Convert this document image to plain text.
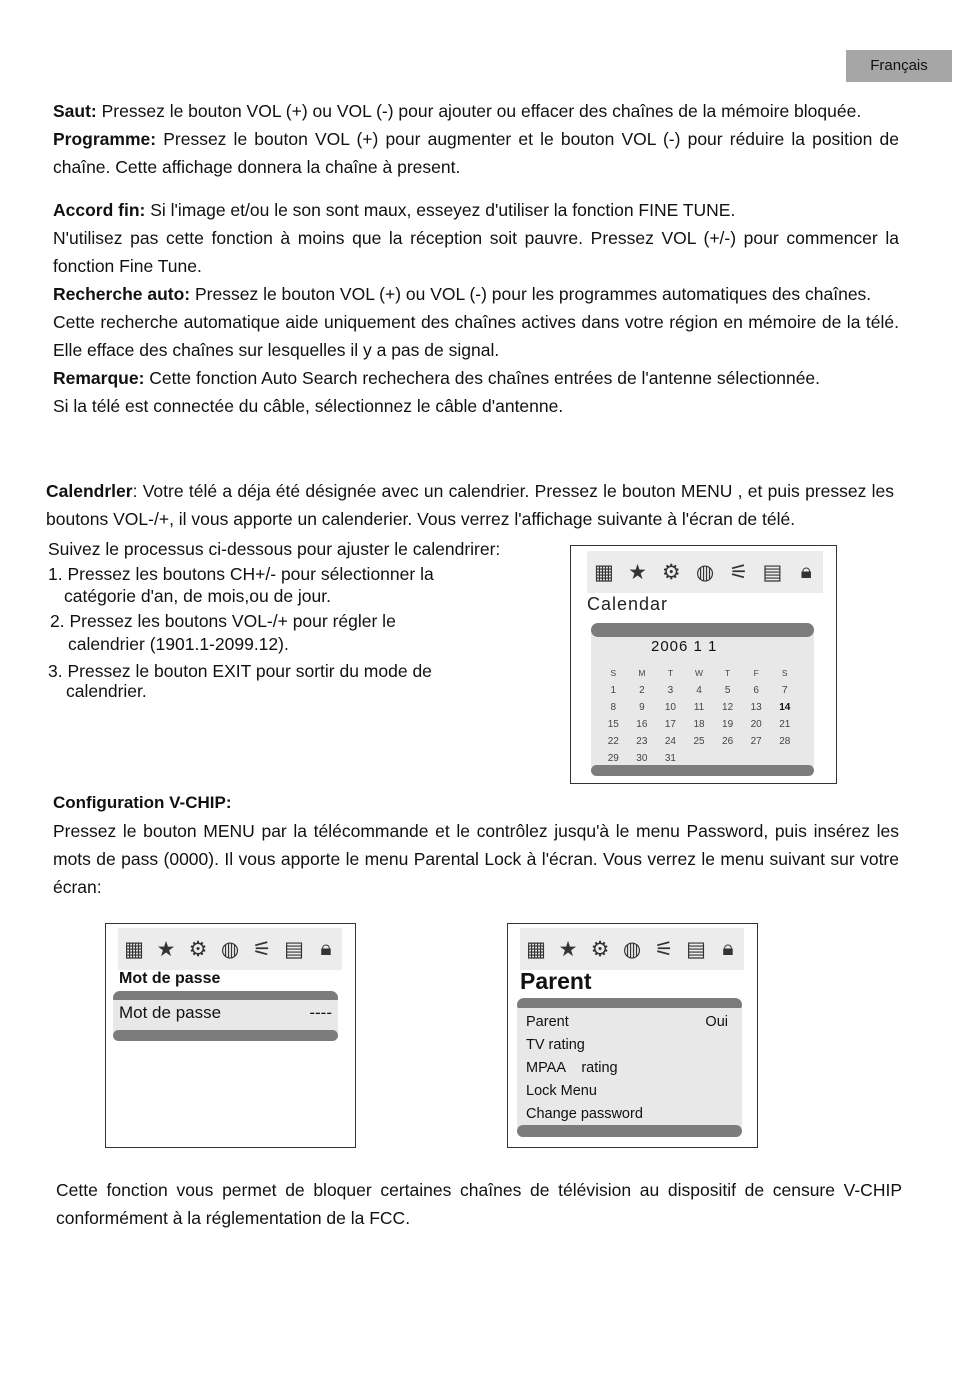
Français

Saut: Pressez le bouton VOL (+) ou VOL (-) pour ajouter ou effacer des chaînes de la mémoire bloquée.

Programme: Pressez le bouton VOL (+) pour augmenter et le bouton VOL (-) pour réduire la position de chaîne. Cette affichage donnera la chaîne à present.

Accord fin: Si l'image et/ou le son sont maux, esseyez d'utiliser la fonction FINE TUNE.

N'utilisez pas cette fonction à moins que la réception soit pauvre. Pressez VOL (+/-) pour commencer la fonction Fine Tune.

Recherche auto: Pressez le bouton VOL (+) ou VOL (-) pour les programmes automatiques des chaînes.

Cette recherche automatique aide uniquement des chaînes actives dans votre région en mémoire de la télé. Elle efface des chaînes sur lesquelles il y a pas de signal.

Remarque: Cette fonction Auto Search rechechera des chaînes entrées de l'antenne sélectionnée.

Si la télé est connectée du câble, sélectionnez le câble d'antenne.

Calendrler: Votre télé a déja été désignée avec un calendrier. Pressez le bouton MENU , et puis pressez les boutons VOL-/+, il vous apporte un calenderier. Vous verrez l'affichage suivante à l'écran de télé.

Suivez le processus ci-dessous pour ajuster le calendrirer:
1. Pressez les boutons CH+/- pour sélectionner la
catégorie d'an, de mois,ou de jour.
2. Pressez les boutons VOL-/+ pour régler le
calendrier (1901.1-2099.12).
3. Pressez le bouton EXIT pour sortir du mode de
calendrier.
▦ ★ ⚙ ◍ ⚟ ▤ 🔒︎
Calendar
2006 1 1
S	M	T	W	T	F	S
1	2	3	4	5	6	7
8	9	10	11	12	13	14
15	16	17	18	19	20	21
22	23	24	25	26	27	28
29	30	31
Configuration V-CHIP:
Pressez le bouton MENU par la télécommande et le contrôlez jusqu'à le menu Password, puis insérez les mots de pass (0000). Il vous apporte le menu Parental Lock à l'écran. Vous verrez le menu suivant sur votre écran:
▦ ★ ⚙ ◍ ⚟ ▤ 🔒︎
Mot de passe
Mot de passe	----
▦ ★ ⚙ ◍ ⚟ ▤ 🔒︎
Parent
Parent	Oui
TV rating
MPAA    rating
Lock Menu
Change password
Cette fonction vous permet de bloquer certaines chaînes de télévision au dispositif de censure V-CHIP conformément à la réglementation de la FCC.
